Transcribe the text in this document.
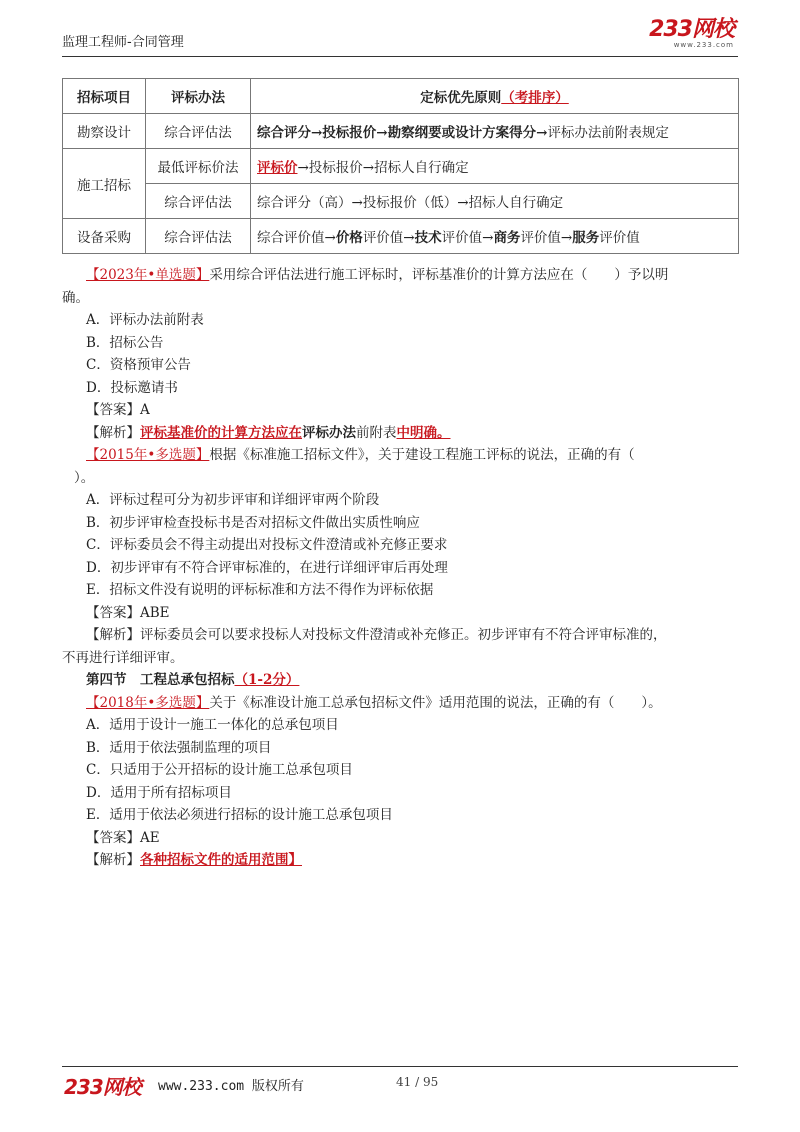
监理工程师-合同管理
233网校
www.233.com
招标项目	评标办法	定标优先原则（考排序）
勘察设计	综合评估法	综合评分→投标报价→勘察纲要或设计方案得分→评标办法前附表规定
施工招标	最低评标价法	评标价→投标报价→招标人自行确定
	综合评估法	综合评分（高）→投标报价（低）→招标人自行确定
设备采购	综合评估法	综合评价值→价格评价值→技术评价值→商务评价值→服务评价值
【2023年•单选题】采用综合评估法进行施工评标时，评标基准价的计算方法应在（　　）予以明
确。
A．评标办法前附表
B．招标公告
C．资格预审公告
D．投标邀请书
【答案】A
【解析】评标基准价的计算方法应在评标办法前附表中明确。
【2015年•多选题】根据《标准施工招标文件》，关于建设工程施工评标的说法，正确的有（
）。
A．评标过程可分为初步评审和详细评审两个阶段
B．初步评审检查投标书是否对招标文件做出实质性响应
C．评标委员会不得主动提出对投标文件澄清或补充修正要求
D．初步评审有不符合评审标准的，在进行详细评审后再处理
E．招标文件没有说明的评标标准和方法不得作为评标依据
【答案】ABE
【解析】评标委员会可以要求投标人对投标文件澄清或补充修正。初步评审有不符合评审标准的，
不再进行详细评审。
第四节　工程总承包招标（1-2分）
【2018年•多选题】关于《标准设计施工总承包招标文件》适用范围的说法，正确的有（　　）。
A．适用于设计一施工一体化的总承包项目
B．适用于依法强制监理的项目
C．只适用于公开招标的设计施工总承包项目
D．适用于所有招标项目
E．适用于依法必须进行招标的设计施工总承包项目
【答案】AE
【解析】各种招标文件的适用范围】
233网校 www.233.com 版权所有	41 / 95
